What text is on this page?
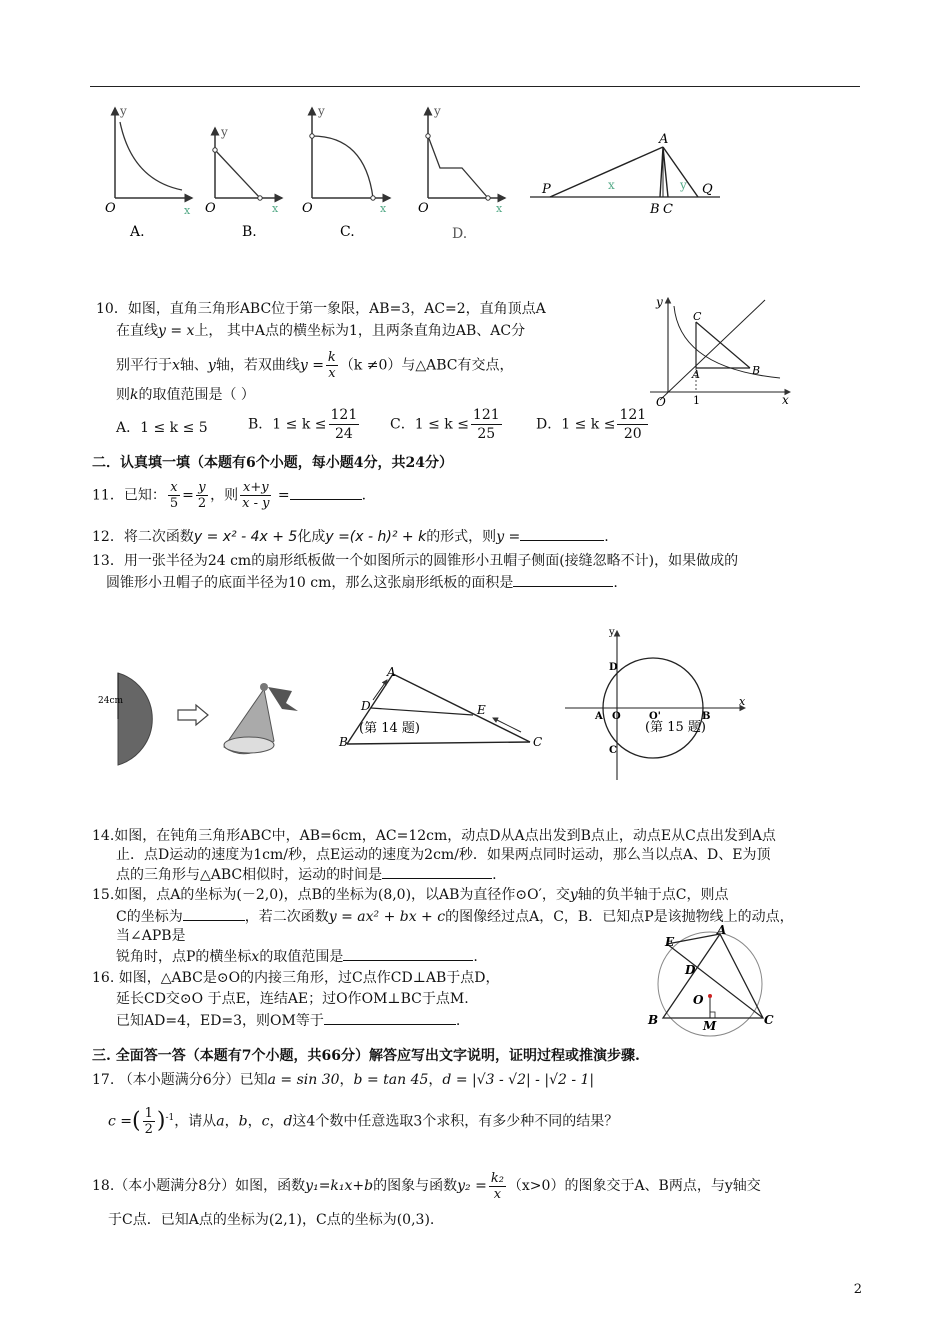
y
O	x
A.
y
O	x
B.
y
O	x
C.
y
O	x
D.
A
P
B C
Q
x	y
10．如图，直角三角形ABC位于第一象限，AB=3，AC=2，直角顶点A
在直线y = x上， 其中A点的横坐标为1，且两条直角边AB、AC分
别平行于x轴、y轴，若双曲线$y = \frac{k}{x} (k \ne 0)$与△ABC有交点，
则k的取值范围是（ ）
A．1 ≤ k ≤ 5	B．$1 \le k \le \frac{121}{24}$ C．$1 \le k \le \frac{121}{25}$ D．$1 \le k \le \frac{121}{20}$
y
x
O 1
C
A	B
二．认真填一填（本题有6个小题，每小题4分，共24分）
11．已知： $\frac{x}{5} = \frac{y}{2}$ ，则 $\frac{x+y}{x - y}$ =	.
12．将二次函数y = x² - 4x + 5化成y =(x - h)² + k的形式，则y =	.
13．用一张半径为24 cm的扇形纸板做一个如图所示的圆锥形小丑帽子侧面(接缝忽略不计)，如果做成的
圆锥形小丑帽子的底面半径为10 cm，那么这张扇形纸板的面积是	.
24cm
A
D	E
B	C
(第 14 题)
y
x
D
A O	O'	B
C
(第 15 题)
14.如图，在钝角三角形ABC中，AB=6cm，AC=12cm，动点D从A点出发到B点止，动点E从C点出发到A点
止．点D运动的速度为1cm/秒，点E运动的速度为2cm/秒．如果两点同时运动，那么当以点A、D、E为顶
点的三角形与△ABC相似时，运动的时间是	.
15.如图，点A的坐标为(－2,0)，点B的坐标为(8,0)，以AB为直径作⊙O′，交y轴的负半轴于点C，则点
C的坐标为	，若二次函数y = ax² + bx + c的图像经过点A，C，B．已知点P是该抛物线上的动点，
当∠APB是
锐角时，点P的横坐标x的取值范围是	.
16. 如图，△ABC是⊙O的内接三角形，过C点作CD⊥AB于点D，
延长CD交⊙O 于点E，连结AE；过O作OM⊥BC于点M.
已知AD=4，ED=3，则OM等于	.
A
E
D
O
B	M	C
三. 全面答一答（本题有7个小题，共66分）解答应写出文字说明，证明过程或推演步骤.
17. （本小题满分6分）已知a = sin 30，b = tan 45，d = |√3 - √2| - |√2 - 1|
c =( $\frac{1}{2} )^{-1}$，请从a，b，c，d这4个数中任意选取3个求积，有多少种不同的结果？
18.（本小题满分8分）如图，函数y₁=k₁x+b的图象与函数$y_2 = \frac{\text{k₂}}{x} (x>0)$的图象交于A、B两点，与y轴交
于C点．已知A点的坐标为(2,1)，C点的坐标为(0,3).
2
